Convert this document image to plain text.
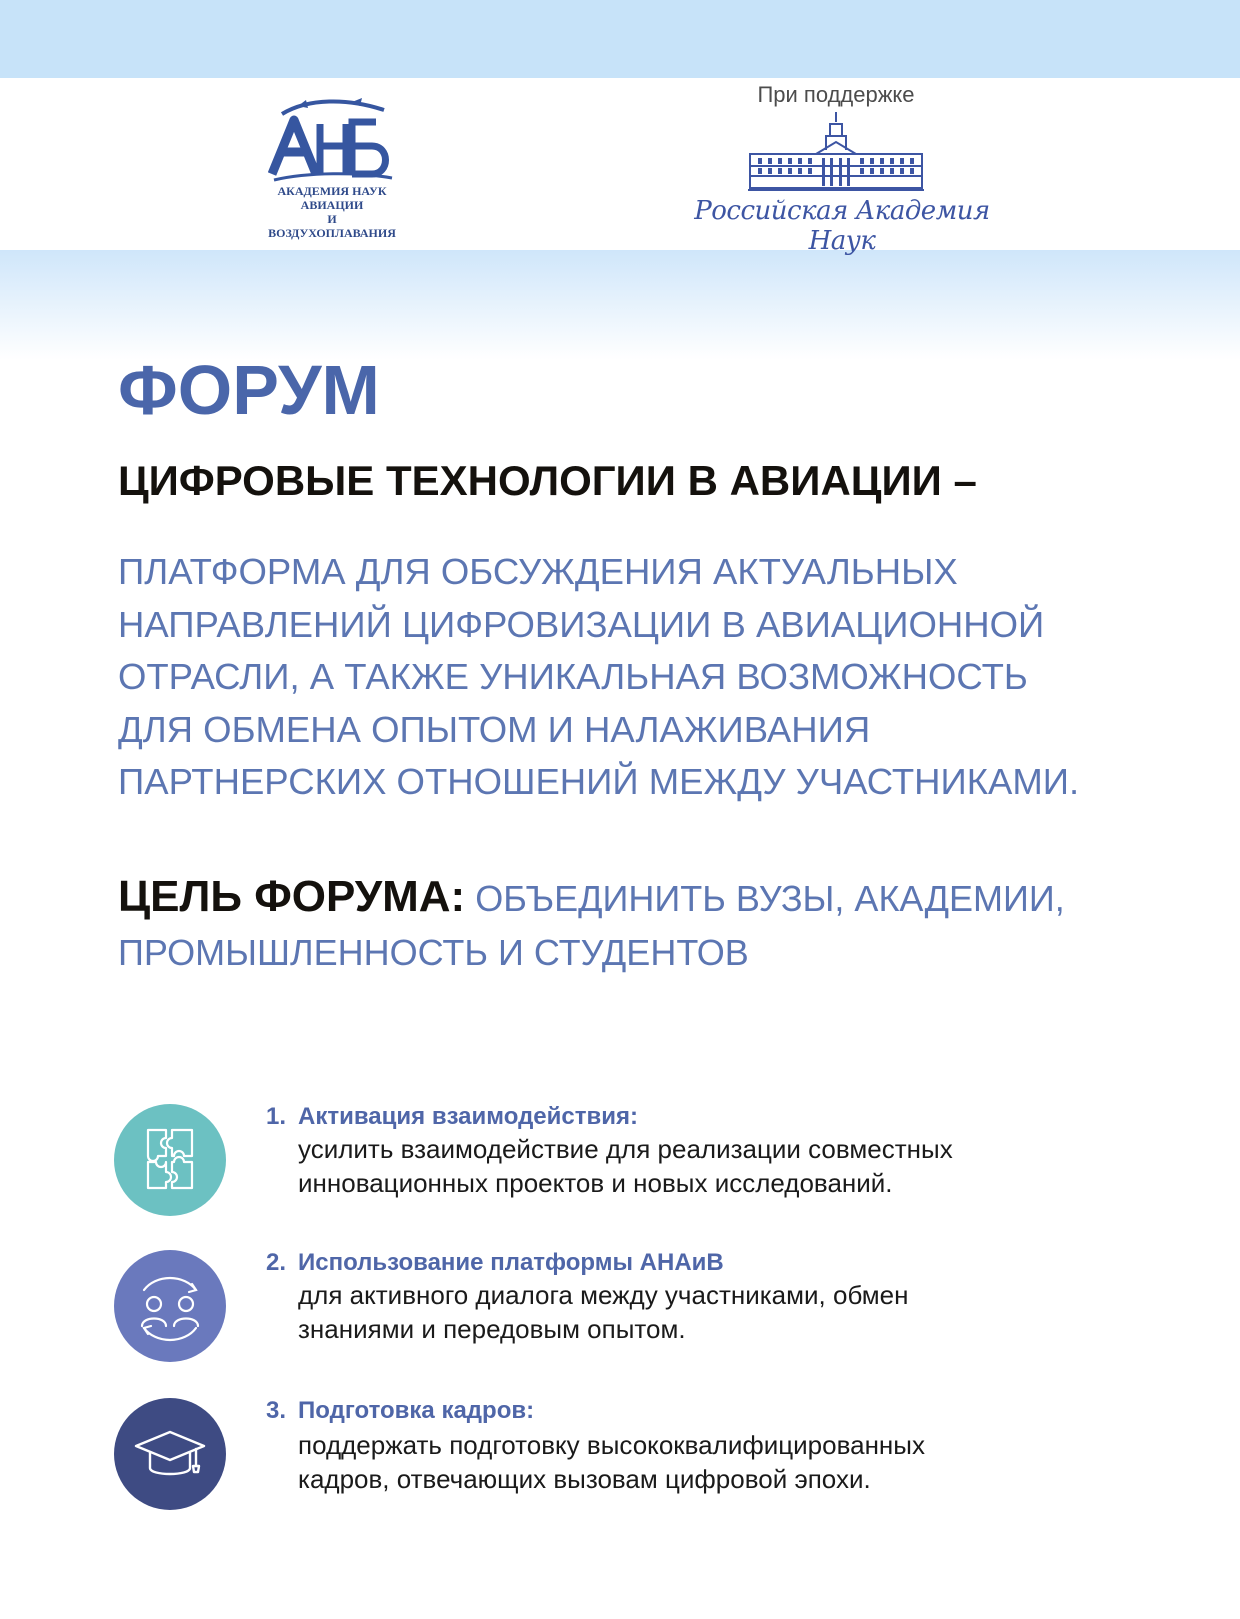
АКАДЕМИЯ НАУК
АВИАЦИИ
И ВОЗДУХОПЛАВАНИЯ
При поддержке
Российская Академия Наук
ФОРУМ
ЦИФРОВЫЕ ТЕХНОЛОГИИ В АВИАЦИИ –
ПЛАТФОРМА ДЛЯ ОБСУЖДЕНИЯ АКТУАЛЬНЫХ
НАПРАВЛЕНИЙ ЦИФРОВИЗАЦИИ В АВИАЦИОННОЙ
ОТРАСЛИ, А ТАКЖЕ УНИКАЛЬНАЯ ВОЗМОЖНОСТЬ
ДЛЯ ОБМЕНА ОПЫТОМ И НАЛАЖИВАНИЯ
ПАРТНЕРСКИХ ОТНОШЕНИЙ МЕЖДУ УЧАСТНИКАМИ.
ЦЕЛЬ ФОРУМА: ОБЪЕДИНИТЬ ВУЗЫ, АКАДЕМИИ,
ПРОМЫШЛЕННОСТЬ И СТУДЕНТОВ
1. Активация взаимодействия:
усилить взаимодействие для реализации совместных
инновационных проектов и новых исследований.
2. Использование платформы АНАиВ
для активного диалога между участниками, обмен
знаниями и передовым опытом.
3. Подготовка кадров:
поддержать подготовку высококвалифицированных
кадров, отвечающих вызовам цифровой эпохи.
